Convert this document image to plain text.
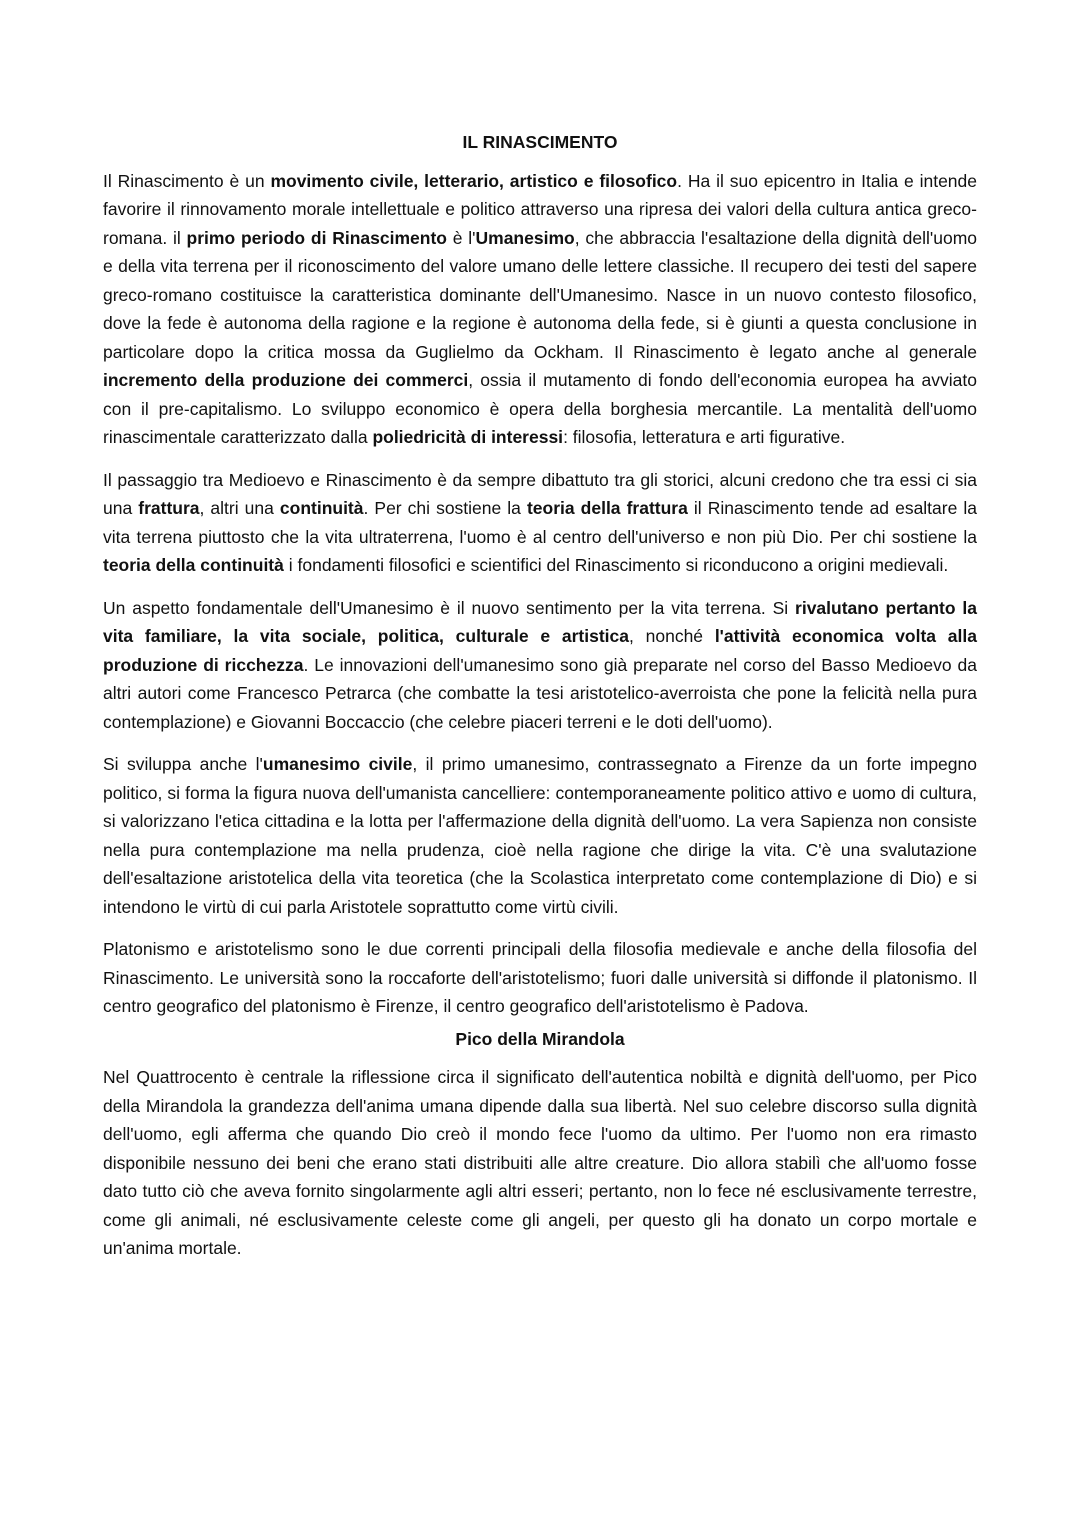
IL RINASCIMENTO

Il Rinascimento è un movimento civile, letterario, artistico e filosofico. Ha il suo epicentro in Italia e intende favorire il rinnovamento morale intellettuale e politico attraverso una ripresa dei valori della cultura antica greco-romana. il primo periodo di Rinascimento è l'Umanesimo, che abbraccia l'esaltazione della dignità dell'uomo e della vita terrena per il riconoscimento del valore umano delle lettere classiche. Il recupero dei testi del sapere greco-romano costituisce la caratteristica dominante dell'Umanesimo. Nasce in un nuovo contesto filosofico, dove la fede è autonoma della ragione e la regione è autonoma della fede, si è giunti a questa conclusione in particolare dopo la critica mossa da Guglielmo da Ockham. Il Rinascimento è legato anche al generale incremento della produzione dei commerci, ossia il mutamento di fondo dell'economia europea ha avviato con il pre-capitalismo. Lo sviluppo economico è opera della borghesia mercantile. La mentalità dell'uomo rinascimentale caratterizzato dalla poliedricità di interessi: filosofia, letteratura e arti figurative.

Il passaggio tra Medioevo e Rinascimento è da sempre dibattuto tra gli storici, alcuni credono che tra essi ci sia una frattura, altri una continuità. Per chi sostiene la teoria della frattura il Rinascimento tende ad esaltare la vita terrena piuttosto che la vita ultraterrena, l'uomo è al centro dell'universo e non più Dio. Per chi sostiene la teoria della continuità i fondamenti filosofici e scientifici del Rinascimento si riconducono a origini medievali.

Un aspetto fondamentale dell'Umanesimo è il nuovo sentimento per la vita terrena. Si rivalutano pertanto la vita familiare, la vita sociale, politica, culturale e artistica, nonché l'attività economica volta alla produzione di ricchezza. Le innovazioni dell'umanesimo sono già preparate nel corso del Basso Medioevo da altri autori come Francesco Petrarca (che combatte la tesi aristotelico-averroista che pone la felicità nella pura contemplazione) e Giovanni Boccaccio (che celebre piaceri terreni e le doti dell'uomo).

Si sviluppa anche l'umanesimo civile, il primo umanesimo, contrassegnato a Firenze da un forte impegno politico, si forma la figura nuova dell'umanista cancelliere: contemporaneamente politico attivo e uomo di cultura, si valorizzano l'etica cittadina e la lotta per l'affermazione della dignità dell'uomo. La vera Sapienza non consiste nella pura contemplazione ma nella prudenza, cioè nella ragione che dirige la vita. C'è una svalutazione dell'esaltazione aristotelica della vita teoretica (che la Scolastica interpretato come contemplazione di Dio) e si intendono le virtù di cui parla Aristotele soprattutto come virtù civili.

Platonismo e aristotelismo sono le due correnti principali della filosofia medievale e anche della filosofia del Rinascimento. Le università sono la roccaforte dell'aristotelismo; fuori dalle università si diffonde il platonismo. Il centro geografico del platonismo è Firenze, il centro geografico dell'aristotelismo è Padova.

Pico della Mirandola

Nel Quattrocento è centrale la riflessione circa il significato dell'autentica nobiltà e dignità dell'uomo, per Pico della Mirandola la grandezza dell'anima umana dipende dalla sua libertà. Nel suo celebre discorso sulla dignità dell'uomo, egli afferma che quando Dio creò il mondo fece l'uomo da ultimo. Per l'uomo non era rimasto disponibile nessuno dei beni che erano stati distribuiti alle altre creature. Dio allora stabilì che all'uomo fosse dato tutto ciò che aveva fornito singolarmente agli altri esseri; pertanto, non lo fece né esclusivamente terrestre, come gli animali, né esclusivamente celeste come gli angeli, per questo gli ha donato un corpo mortale e un'anima mortale.
